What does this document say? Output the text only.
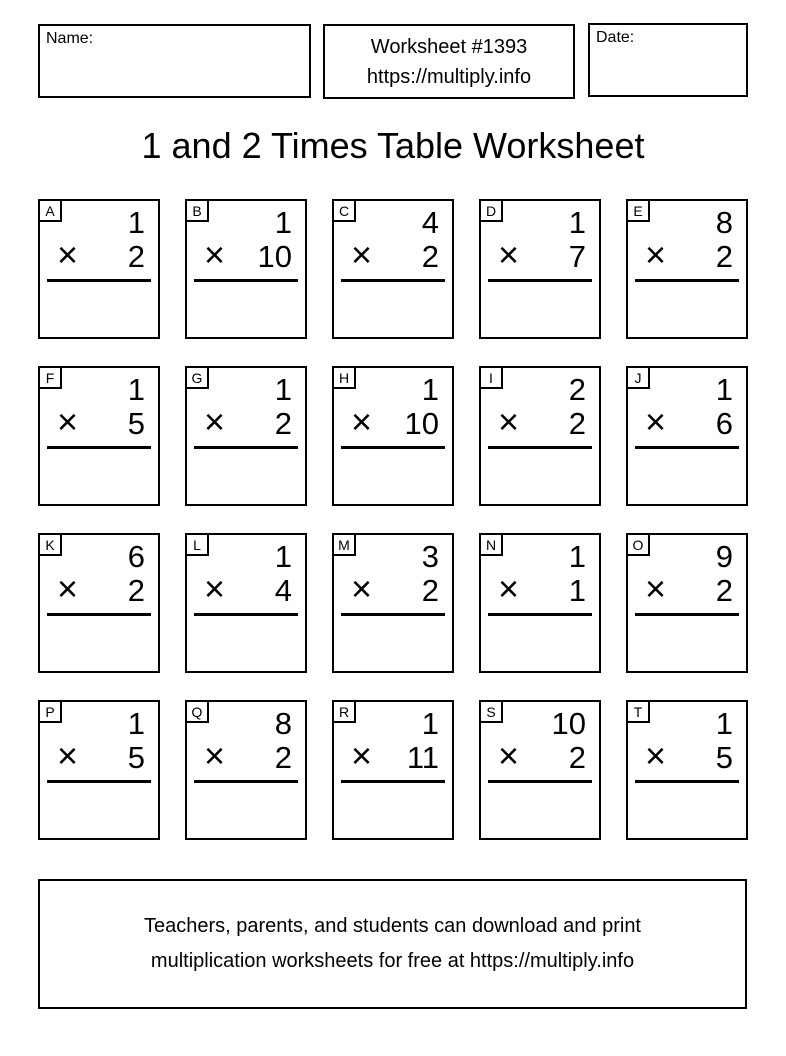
Name:	Worksheet #1393
https://multiply.info
Date:
1 and 2 Times Table Worksheet
A	1
× 2
B	1
× 10
C	4
× 2
D	1
× 7
E	8
× 2
F	1
× 5
G	1
× 2
H	1
× 10
I	2
× 2
J	1
× 6
K	6
× 2
L	1
× 4
M	3
× 2
N	1
× 1
O	9
× 2
P	1
× 5
Q	8
× 2
R	1
× 11
S	10
× 2
T	1
× 5
Teachers, parents, and students can download and print
multiplication worksheets for free at https://multiply.info
